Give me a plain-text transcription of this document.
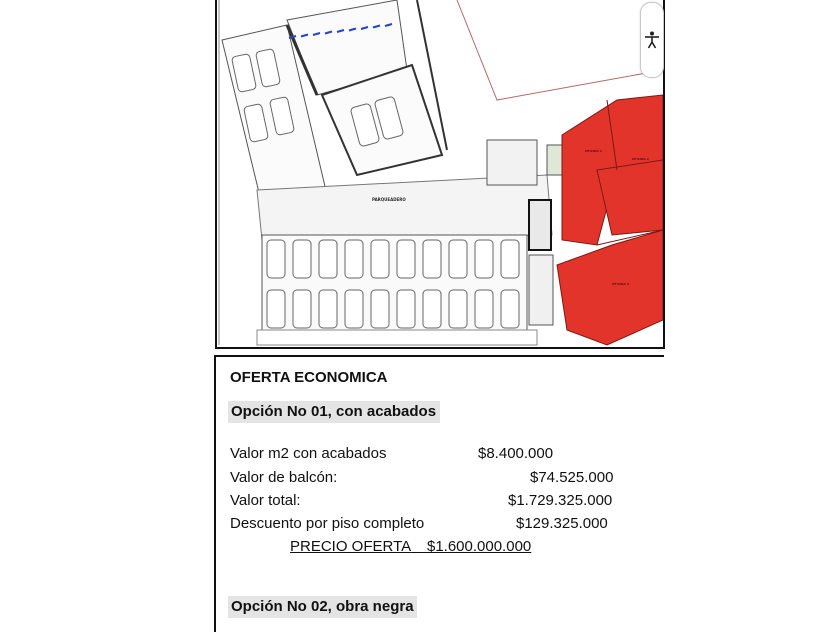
PARQUEADERO
OFICINA 1
OFICINA 2
OFICINA 3
OFERTA ECONOMICA
Opción No 01, con acabados
Valor m2 con acabados	$8.400.000
Valor de balcón:	$74.525.000
Valor total:	$1.729.325.000
Descuento por piso completo	$129.325.000
PRECIO OFERTA $1.600.000.000
Opción No 02, obra negra
